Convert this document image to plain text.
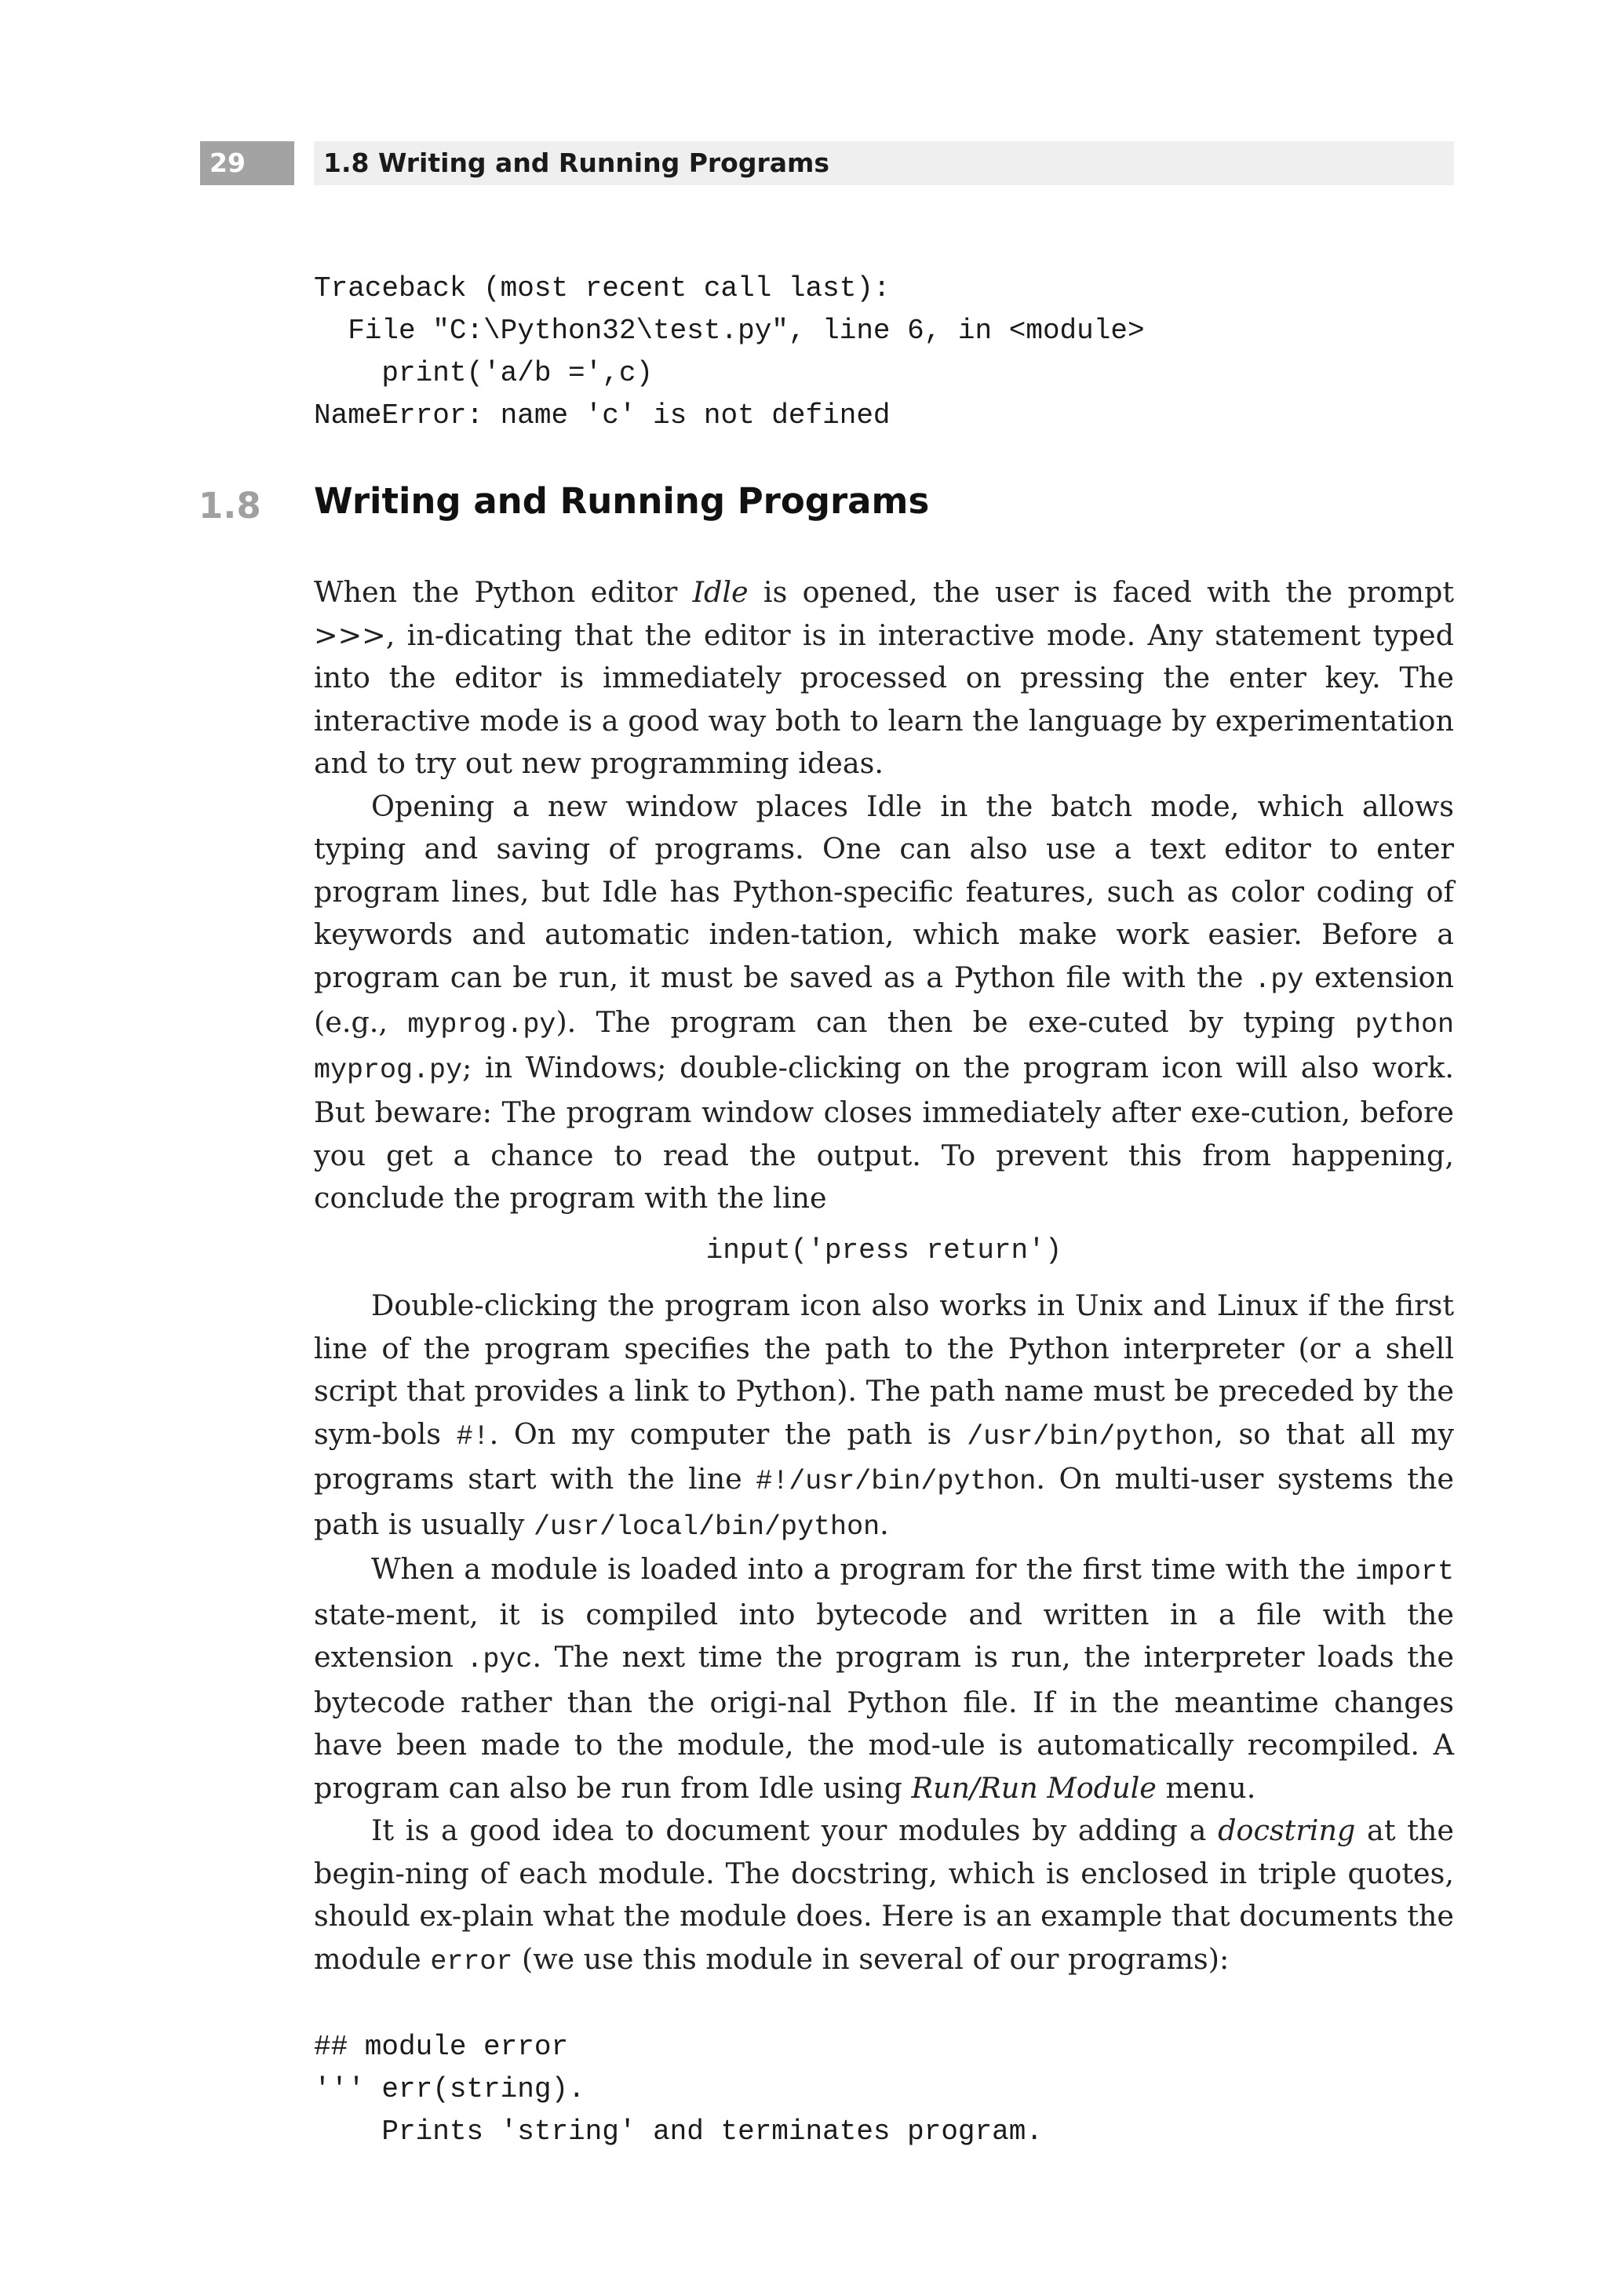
29	1.8 Writing and Running Programs

Traceback (most recent call last):
File "C:\Python32\test.py", line 6, in <module>
print('a/b =',c)
NameError: name 'c' is not defined

1.8 Writing and Running Programs

When the Python editor Idle is opened, the user is faced with the prompt >>>, in-dicating that the editor is in interactive mode. Any statement typed into the editor is immediately processed on pressing the enter key. The interactive mode is a good way both to learn the language by experimentation and to try out new programming ideas.

Opening a new window places Idle in the batch mode, which allows typing and saving of programs. One can also use a text editor to enter program lines, but Idle has Python-specific features, such as color coding of keywords and automatic inden-tation, which make work easier. Before a program can be run, it must be saved as a Python file with the .py extension (e.g., myprog.py). The program can then be exe-cuted by typing python myprog.py; in Windows; double-clicking on the program icon will also work. But beware: The program window closes immediately after exe-cution, before you get a chance to read the output. To prevent this from happening, conclude the program with the line

input('press return')

Double-clicking the program icon also works in Unix and Linux if the first line of the program specifies the path to the Python interpreter (or a shell script that provides a link to Python). The path name must be preceded by the sym-bols #!. On my computer the path is /usr/bin/python, so that all my programs start with the line #!/usr/bin/python. On multi-user systems the path is usually /usr/local/bin/python.

When a module is loaded into a program for the first time with the import state-ment, it is compiled into bytecode and written in a file with the extension .pyc. The next time the program is run, the interpreter loads the bytecode rather than the origi-nal Python file. If in the meantime changes have been made to the module, the mod-ule is automatically recompiled. A program can also be run from Idle using Run/Run Module menu.

It is a good idea to document your modules by adding a docstring at the begin-ning of each module. The docstring, which is enclosed in triple quotes, should ex-plain what the module does. Here is an example that documents the module error (we use this module in several of our programs):

## module error
''' err(string).
Prints 'string' and terminates program.
